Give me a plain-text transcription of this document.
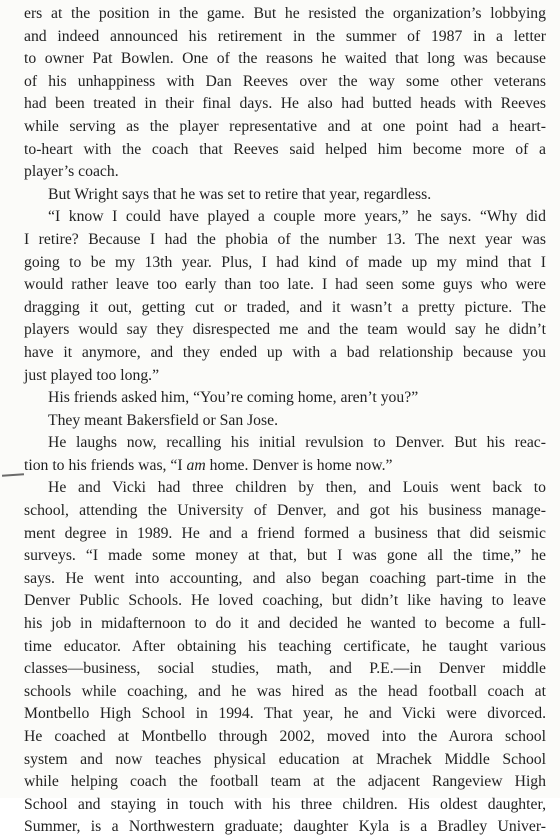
ers at the position in the game. But he resisted the organization’s lobbying
and indeed announced his retirement in the summer of 1987 in a letter
to owner Pat Bowlen. One of the reasons he waited that long was because
of his unhappiness with Dan Reeves over the way some other veterans
had been treated in their final days. He also had butted heads with Reeves
while serving as the player representative and at one point had a heart-
to-heart with the coach that Reeves said helped him become more of a
player’s coach.
But Wright says that he was set to retire that year, regardless.
“I know I could have played a couple more years,” he says. “Why did
I retire? Because I had the phobia of the number 13. The next year was
going to be my 13th year. Plus, I had kind of made up my mind that I
would rather leave too early than too late. I had seen some guys who were
dragging it out, getting cut or traded, and it wasn’t a pretty picture. The
players would say they disrespected me and the team would say he didn’t
have it anymore, and they ended up with a bad relationship because you
just played too long.”
His friends asked him, “You’re coming home, aren’t you?”
They meant Bakersfield or San Jose.
He laughs now, recalling his initial revulsion to Denver. But his reac-
tion to his friends was, “I am home. Denver is home now.”
He and Vicki had three children by then, and Louis went back to
school, attending the University of Denver, and got his business manage-
ment degree in 1989. He and a friend formed a business that did seismic
surveys. “I made some money at that, but I was gone all the time,” he
says. He went into accounting, and also began coaching part-time in the
Denver Public Schools. He loved coaching, but didn’t like having to leave
his job in midafternoon to do it and decided he wanted to become a full-
time educator. After obtaining his teaching certificate, he taught various
classes—business, social studies, math, and P.E.—in Denver middle
schools while coaching, and he was hired as the head football coach at
Montbello High School in 1994. That year, he and Vicki were divorced.
He coached at Montbello through 2002, moved into the Aurora school
system and now teaches physical education at Mrachek Middle School
while helping coach the football team at the adjacent Rangeview High
School and staying in touch with his three children. His oldest daughter,
Summer, is a Northwestern graduate; daughter Kyla is a Bradley Univer-
